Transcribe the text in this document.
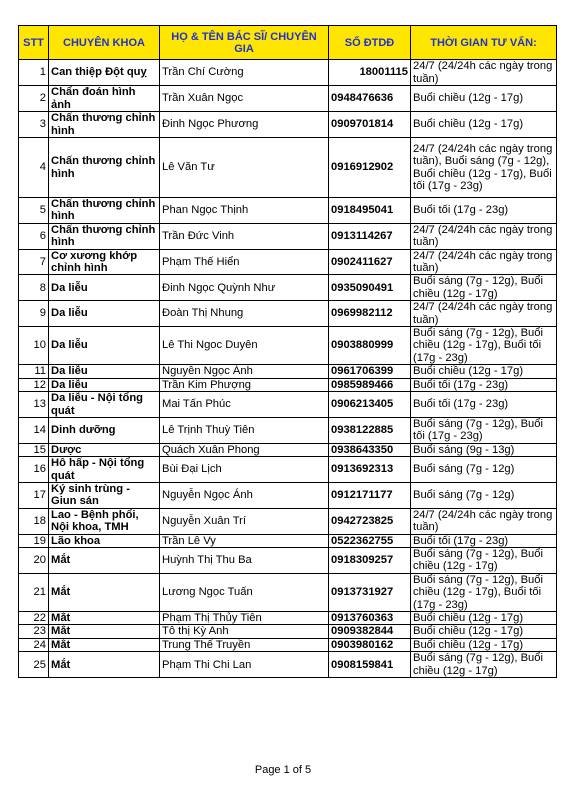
STT	CHUYÊN KHOA	HỌ & TÊN BÁC SĨ/ CHUYÊN GIA	SỐ ĐTDĐ	THỜI GIAN TƯ VẤN:
1	Can thiệp Đột quỵ	Trần Chí Cường	18001115	24/7 (24/24h các ngày trong tuần)
2	Chẩn đoán hình ảnh	Trần Xuân Ngọc	0948476636	Buổi chiều (12g - 17g)
3	Chấn thương chỉnh hình	Đinh Ngọc Phương	0909701814	Buổi chiều (12g - 17g)
4	Chấn thương chỉnh hình	Lê Văn Tư	0916912902	24/7 (24/24h các ngày trong tuần), Buổi sáng (7g - 12g), Buổi chiều (12g - 17g), Buổi tối (17g - 23g)
5	Chấn thương chỉnh hình	Phan Ngọc Thịnh	0918495041	Buổi tối (17g - 23g)
6	Chấn thương chỉnh hình	Trần Đức Vinh	0913114267	24/7 (24/24h các ngày trong tuần)
7	Cơ xương khớp chỉnh hình	Phạm Thế Hiển	0902411627	24/7 (24/24h các ngày trong tuần)
8	Da liễu	Đinh Ngọc Quỳnh Như	0935090491	Buổi sáng (7g - 12g), Buổi chiều (12g - 17g)
9	Da liễu	Đoàn Thị Nhung	0969982112	24/7 (24/24h các ngày trong tuần)
10	Da liễu	Lê Thi Ngoc Duyên	0903880999	Buổi sáng (7g - 12g), Buổi chiều (12g - 17g), Buổi tối (17g - 23g)
11	Da liễu	Nguyễn Ngọc Ánh	0961706399	Buổi chiều (12g - 17g)
12	Da liễu	Trần Kim Phượng	0985989466	Buổi tối (17g - 23g)
13	Da liễu - Nội tổng quát	Mai Tấn Phúc	0906213405	Buổi tối (17g - 23g)
14	Dinh dưỡng	Lê Trịnh Thuỳ Tiên	0938122885	Buổi sáng (7g - 12g), Buổi tối (17g - 23g)
15	Dược	Quách Xuân Phong	0938643350	Buổi sáng (9g - 13g)
16	Hô hấp - Nội tổng quát	Bùi Đại Lịch	0913692313	Buổi sáng (7g - 12g)
17	Ký sinh trùng - Giun sán	Nguyễn Ngọc Ánh	0912171177	Buổi sáng (7g - 12g)
18	Lao - Bệnh phổi, Nội khoa, TMH	Nguyễn Xuân Trí	0942723825	24/7 (24/24h các ngày trong tuần)
19	Lão khoa	Trần Lê Vy	0522362755	Buổi tối (17g - 23g)
20	Mắt	Huỳnh Thị Thu Ba	0918309257	Buổi sáng (7g - 12g), Buổi chiều (12g - 17g)
21	Mắt	Lương Ngọc Tuấn	0913731927	Buổi sáng (7g - 12g), Buổi chiều (12g - 17g), Buổi tối (17g - 23g)
22	Mắt	Phạm Thị Thủy Tiên	0913760363	Buổi chiều (12g - 17g)
23	Mắt	Tô thị Kỳ Anh	0909382844	Buổi chiều (12g - 17g)
24	Mắt	Trung Thế Truyền	0903980162	Buổi chiều (12g - 17g)
25	Mắt	Phạm Thi Chi Lan	0908159841	Buổi sáng (7g - 12g), Buổi chiều (12g - 17g)
Page 1 of 5
